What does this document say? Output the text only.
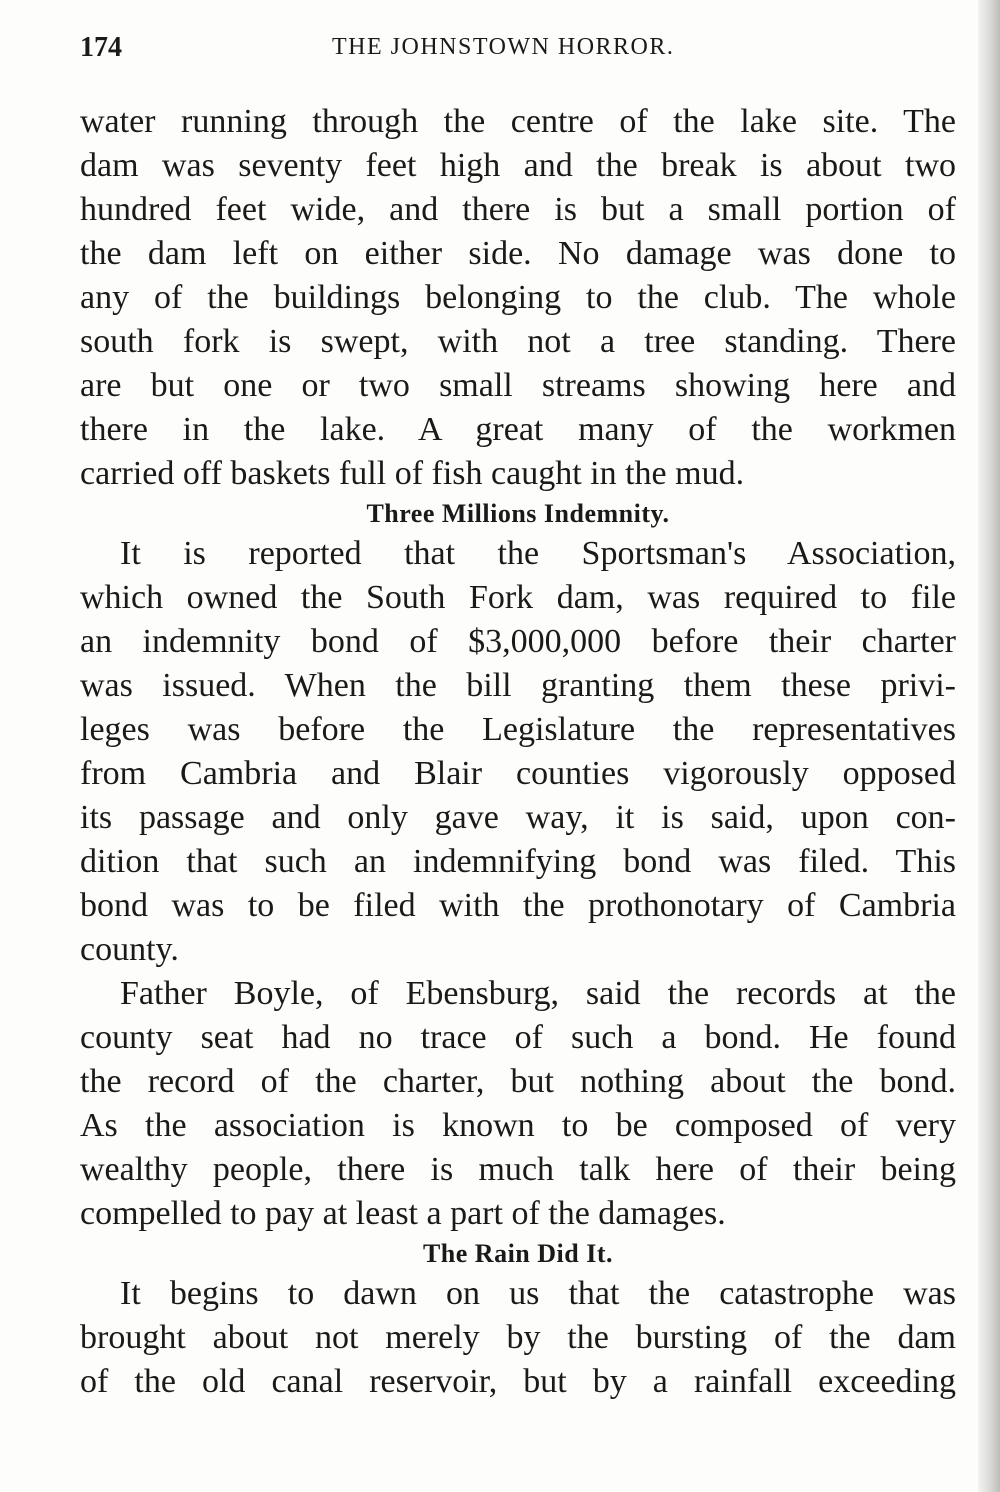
174	THE JOHNSTOWN HORROR.
water running through the centre of the lake site. The
dam was seventy feet high and the break is about two
hundred feet wide, and there is but a small portion of
the dam left on either side. No damage was done to
any of the buildings belonging to the club. The whole
south fork is swept, with not a tree standing. There
are but one or two small streams showing here and
there in the lake. A great many of the workmen
carried off baskets full of fish caught in the mud.
Three Millions Indemnity.
It is reported that the Sportsman's Association,
which owned the South Fork dam, was required to file
an indemnity bond of $3,000,000 before their charter
was issued. When the bill granting them these privi-
leges was before the Legislature the representatives
from Cambria and Blair counties vigorously opposed
its passage and only gave way, it is said, upon con-
dition that such an indemnifying bond was filed. This
bond was to be filed with the prothonotary of Cambria
county.
Father Boyle, of Ebensburg, said the records at the
county seat had no trace of such a bond. He found
the record of the charter, but nothing about the bond.
As the association is known to be composed of very
wealthy people, there is much talk here of their being
compelled to pay at least a part of the damages.
The Rain Did It.
It begins to dawn on us that the catastrophe was
brought about not merely by the bursting of the dam
of the old canal reservoir, but by a rainfall exceeding
